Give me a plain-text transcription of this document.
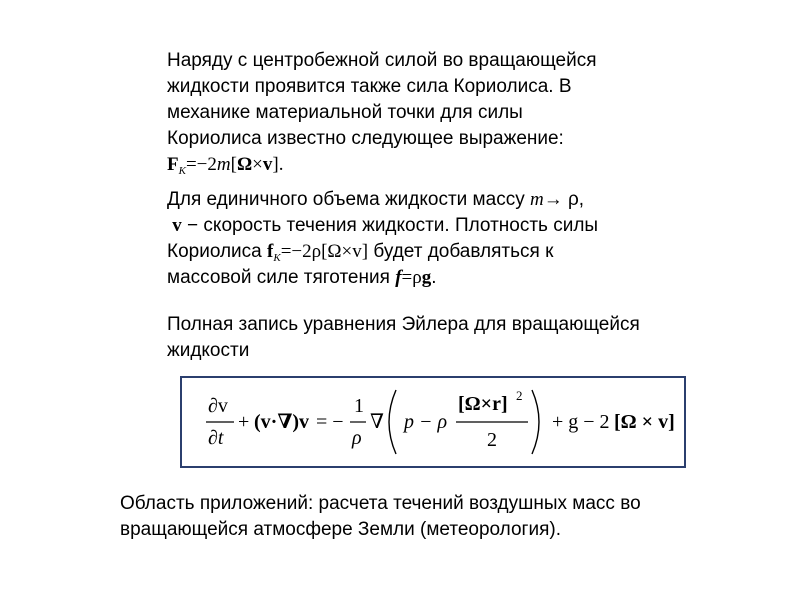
Наряду с центробежной силой во вращающейся
жидкости проявится также сила Кориолиса. В
механике материальной точки для силы
Кориолиса известно следующее выражение:
$F_K=-2m[\Omega\times v]$.
Для единичного объема жидкости массу m→ ρ,
v − скорость течения жидкости. Плотность силы
Кориолиса $f_K=-2\rho[\Omega\times v]$ будет добавляться к
массовой силе тяготения f=ρg.
Полная запись уравнения Эйлера для вращающейся
жидкости
∂v
∂t
+ (v·∇)v = −
1
ρ
∇ p − ρ
[Ω×r] 2
2
+ g − 2 [Ω × v]
Область приложений: расчета течений воздушных масс во
вращающейся атмосфере Земли (метеорология).
